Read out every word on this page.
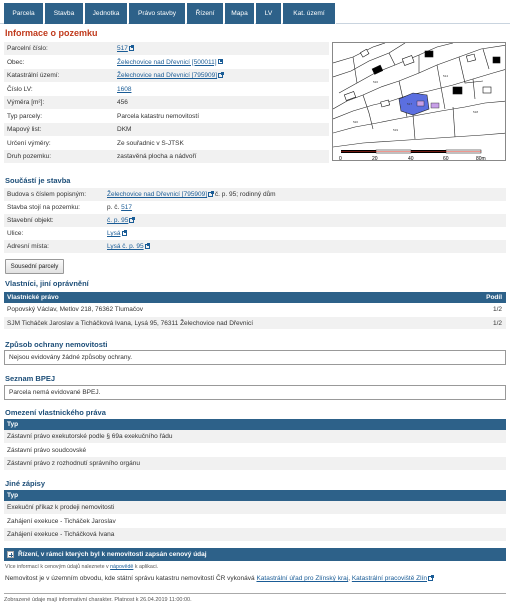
Parcela	Stavba	Jednotka	Právo stavby	Řízení	Mapa	LV	Kat. území
Informace o pozemku
Parcelní číslo:	517
Obec:	Želechovice nad Dřevnicí [500011]
Katastrální území:	Želechovice nad Dřevnicí [795909]
Číslo LV:	1608
Výměra [m²]:	456
Typ parcely:	Parcela katastru nemovitostí
Mapový list:	DKM
Určení výměry:	Ze souřadnic v S-JTSK
Druh pozemku:	zastavěná plocha a nádvoří
517
516
514
520
518
519
0	20	40	60	80m
Součástí je stavba
Budova s číslem popisným:	Želechovice nad Dřevnicí [795909] č. p. 95; rodinný dům
Stavba stojí na pozemku:	p. č. 517
Stavební objekt:	č. p. 95
Ulice:	Lysá
Adresní místa:	Lysá č. p. 95
Sousední parcely
Vlastníci, jiní oprávnění
Vlastnické právo	Podíl
Popovský Václav, Metlov 218, 76362 Tlumačov	1/2
SJM Ticháček Jaroslav a Ticháčková Ivana, Lysá 95, 76311 Želechovice nad Dřevnicí	1/2
Způsob ochrany nemovitosti
Nejsou evidovány žádné způsoby ochrany.
Seznam BPEJ
Parcela nemá evidované BPEJ.
Omezení vlastnického práva
Typ
Zástavní právo exekutorské podle § 69a exekučního řádu
Zástavní právo soudcovské
Zástavní právo z rozhodnutí správního orgánu
Jiné zápisy
Typ
Exekuční příkaz k prodeji nemovitosti
Zahájení exekuce - Ticháček Jaroslav
Zahájení exekuce - Ticháčková Ivana
Řízení, v rámci kterých byl k nemovitosti zapsán cenový údaj
Více informací k cenovým údajů naleznete v nápovědě k aplikaci.
Nemovitost je v územním obvodu, kde státní správu katastru nemovitostí ČR vykonává Katastrální úřad pro Zlínský kraj, Katastrální pracoviště Zlín
Zobrazené údaje mají informativní charakter. Platnost k 26.04.2019 11:00:00.
